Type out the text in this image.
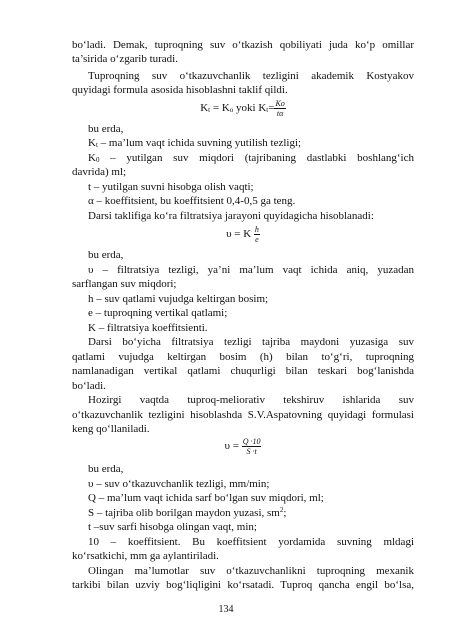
bo‘ladi. Demak, tuproqning suv o‘tkazish qobiliyati juda ko‘p omillar
ta’sirida o‘zgarib turadi.
Tuproqning suv o‘tkazuvchanlik tezligini akademik Kostyakov
quyidagi formula asosida hisoblashni taklif qildi.
$K_t = K_o$ yoki $K_t= \frac{Ko}{t\alpha}$
bu erda,
$K_t$ – ma’lum vaqt ichida suvning yutilish tezligi;
$K_0$ – yutilgan suv miqdori (tajribaning dastlabki boshlang‘ich
davrida) ml;
t – yutilgan suvni hisobga olish vaqti;
α – koeffitsient, bu koeffitsient 0,4-0,5 ga teng.
Darsi taklifiga ko‘ra filtratsiya jarayoni quyidagicha hisoblanadi:
υ = K $\frac{h}{e}$
bu erda,
υ – filtratsiya tezligi, ya’ni ma’lum vaqt ichida aniq, yuzadan
sarflangan suv miqdori;
h – suv qatlami vujudga keltirgan bosim;
e – tuproqning vertikal qatlami;
K – filtratsiya koeffitsienti.
Darsi bo‘yicha filtratsiya tezligi tajriba maydoni yuzasiga suv
qatlami vujudga keltirgan bosim (h) bilan to‘g‘ri, tuproqning
namlanadigan vertikal qatlami chuqurligi bilan teskari bog‘lanishda
bo‘ladi.
Hozirgi vaqtda tuproq-meliorativ tekshiruv ishlarida suv
o‘tkazuvchanlik tezligini hisoblashda S.V.Aspatovning quyidagi formulasi
keng qo‘llaniladi.
$\upsilon = \frac{Q \cdot 10}{S \cdot t}$
bu erda,
υ – suv o‘tkazuvchanlik tezligi, mm/min;
Q – ma’lum vaqt ichida sarf bo‘lgan suv miqdori, ml;
S – tajriba olib borilgan maydon yuzasi, $sm^2$;
t –suv sarfi hisobga olingan vaqt, min;
10 – koeffitsient. Bu koeffitsient yordamida suvning mldagi
ko‘rsatkichi, mm ga aylantiriladi.
Olingan ma’lumotlar suv o‘tkazuvchanlikni tuproqning mexanik
tarkibi bilan uzviy bog‘liqligini ko‘rsatadi. Tuproq qancha engil bo‘lsa,
134
